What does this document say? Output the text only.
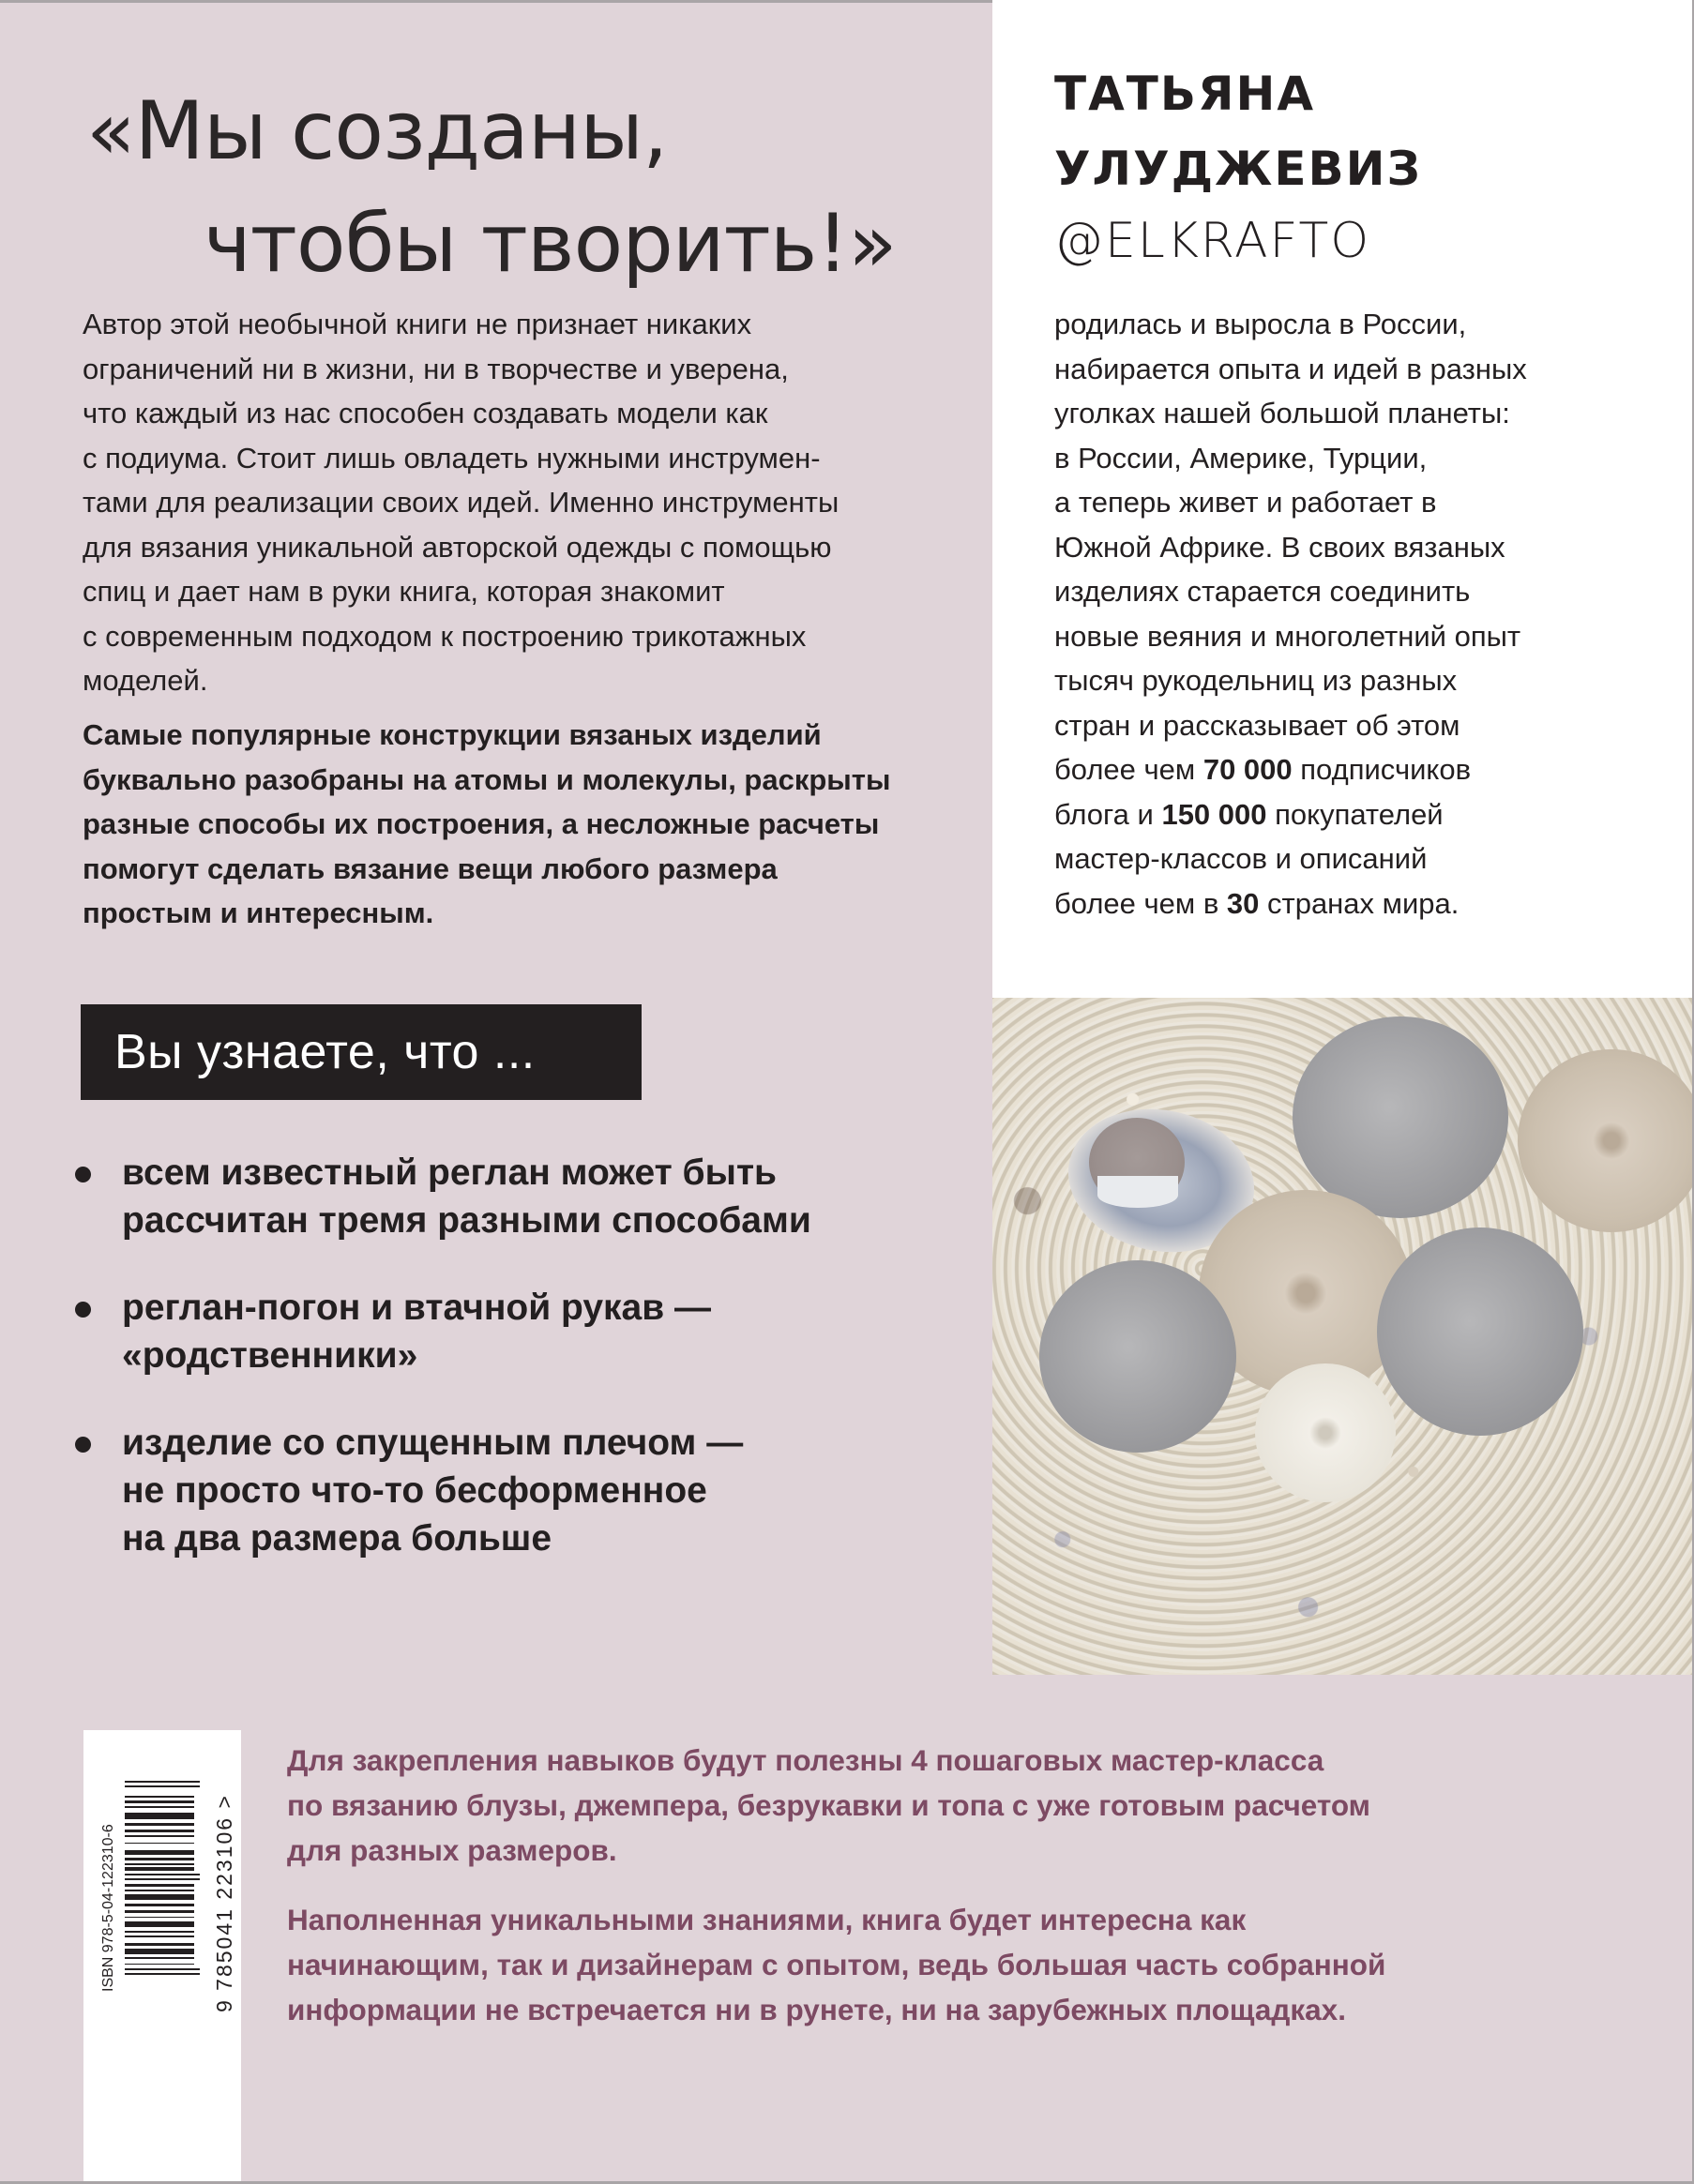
«Мы созданы,
чтобы творить!»

Автор этой необычной книги не признает никаких
ограничений ни в жизни, ни в творчестве и уверена,
что каждый из нас способен создавать модели как
с подиума. Стоит лишь овладеть нужными инструмен-
тами для реализации своих идей. Именно инструменты
для вязания уникальной авторской одежды с помощью
спиц и дает нам в руки книга, которая знакомит
с современным подходом к построению трикотажных
моделей.

Самые популярные конструкции вязаных изделий
буквально разобраны на атомы и молекулы, раскрыты
разные способы их построения, а несложные расчеты
помогут сделать вязание вещи любого размера
простым и интересным.

Вы узнаете, что ...
всем известный реглан может быть
рассчитан тремя разными способами
реглан-погон и втачной рукав —
«родственники»
изделие со спущенным плечом —
не просто что-то бесформенное
на два размера больше
ТАТЬЯНА
УЛУДЖЕВИЗ
@ELKRAFTO

родилась и выросла в России,
набирается опыта и идей в разных
уголках нашей большой планеты:
в России, Америке, Турции,
а теперь живет и работает в
Южной Африке. В своих вязаных
изделиях старается соединить
новые веяния и многолетний опыт
тысяч рукодельниц из разных
стран и рассказывает об этом
более чем 70 000 подписчиков
блога и 150 000 покупателей
мастер-классов и описаний
более чем в 30 странах мира.

ISBN 978-5-04-122310-6	9 785041 223106 >

Для закрепления навыков будут полезны 4 пошаговых мастер-класса
по вязанию блузы, джемпера, безрукавки и топа с уже готовым расчетом
для разных размеров.

Наполненная уникальными знаниями, книга будет интересна как
начинающим, так и дизайнерам с опытом, ведь большая часть собранной
информации не встречается ни в рунете, ни на зарубежных площадках.
